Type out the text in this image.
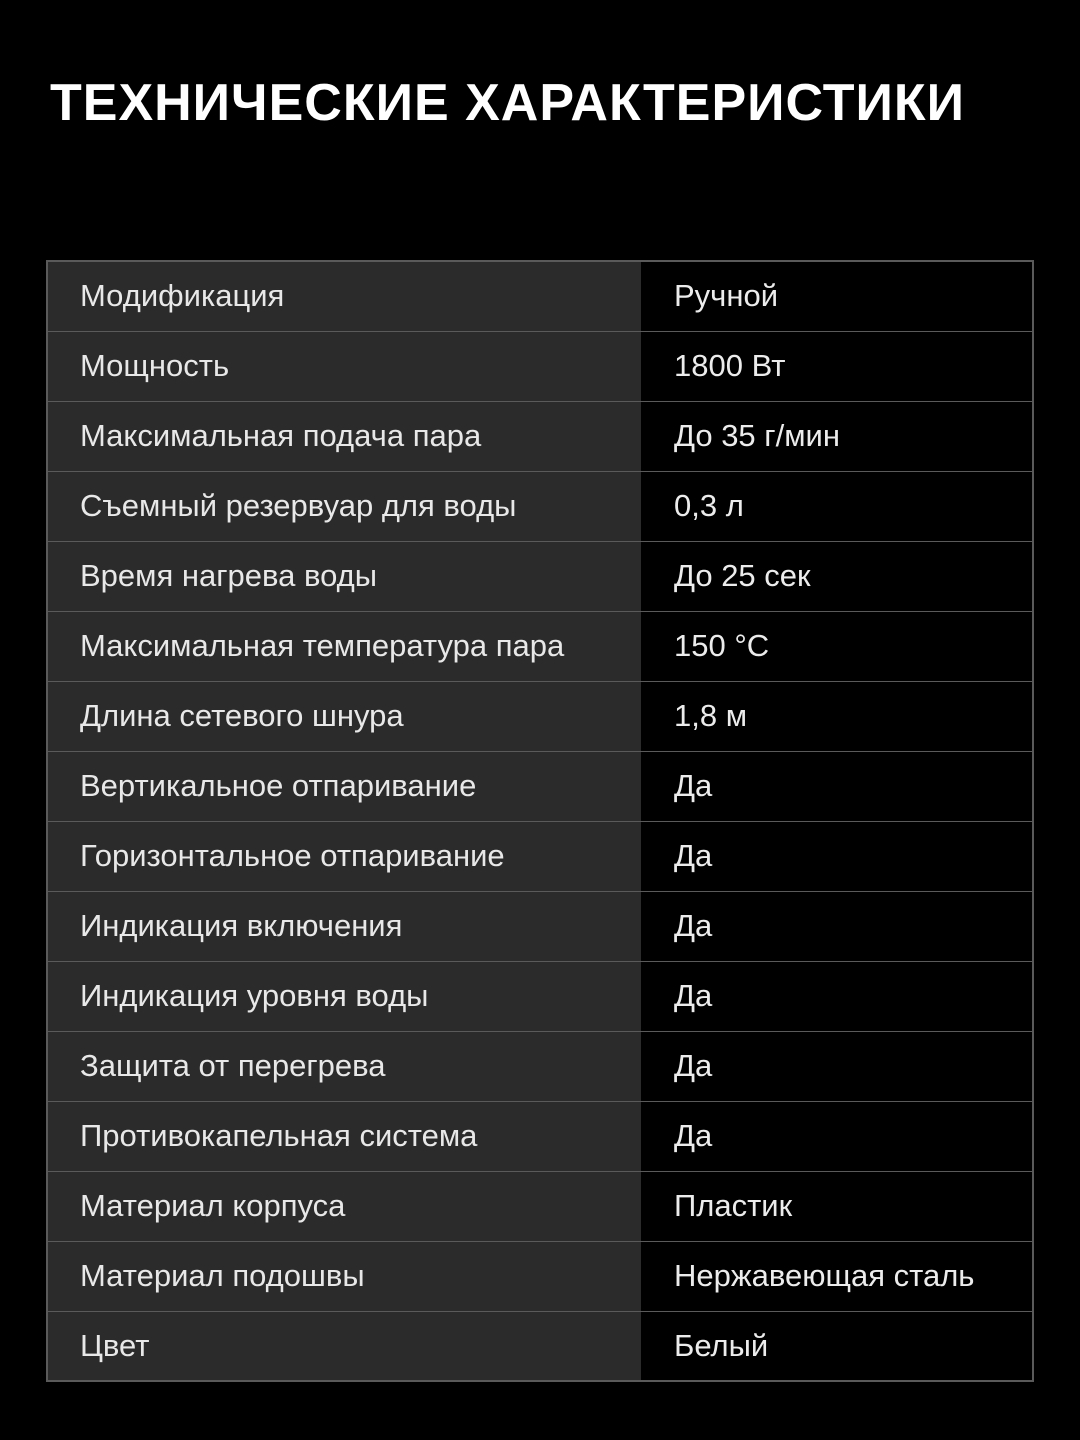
ТЕХНИЧЕСКИЕ ХАРАКТЕРИСТИКИ
Модификация	Ручной
Мощность	1800 Вт
Максимальная подача пара	До 35 г/мин
Съемный резервуар для воды	0,3 л
Время нагрева воды	До 25 сек
Максимальная температура пара	150 °С
Длина сетевого шнура	1,8 м
Вертикальное отпаривание	Да
Горизонтальное отпаривание	Да
Индикация включения	Да
Индикация уровня воды	Да
Защита от перегрева	Да
Противокапельная система	Да
Материал корпуса	Пластик
Материал подошвы	Нержавеющая сталь
Цвет	Белый
